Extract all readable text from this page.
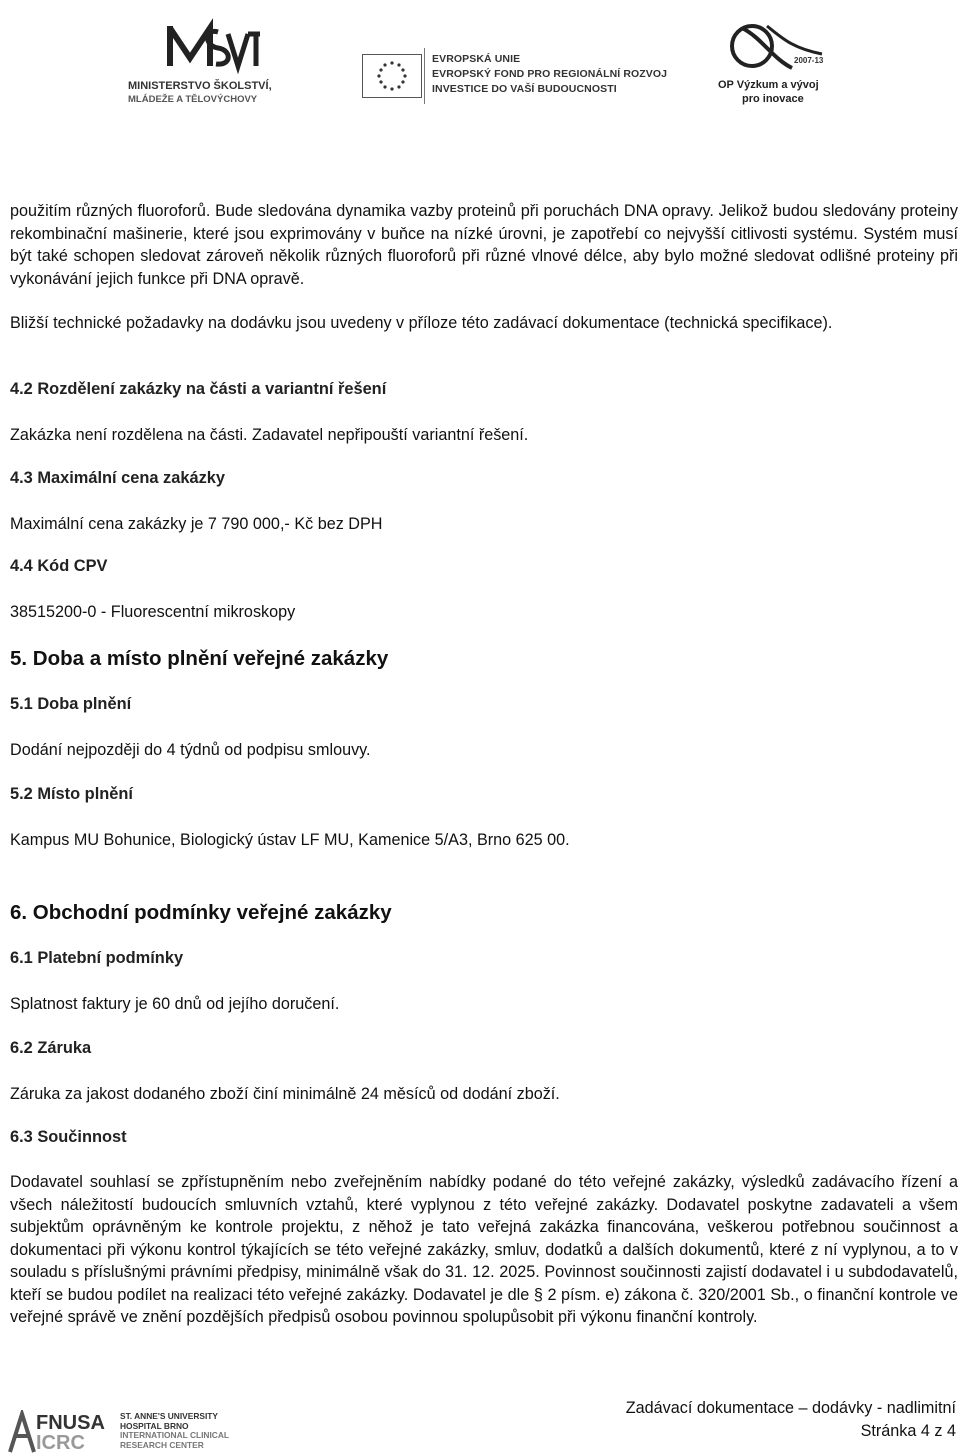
MINISTERSTVO ŠKOLSTVÍ,
MLÁDEŽE A TĚLOVÝCHOVY
EVROPSKÁ UNIE
EVROPSKÝ FOND PRO REGIONÁLNÍ ROZVOJ
INVESTICE DO VAŠÍ BUDOUCNOSTI
2007-13
OP Výzkum a vývoj
pro inovace
použitím různých fluoroforů. Bude sledována dynamika vazby proteinů při poruchách DNA opravy. Jelikož budou sledovány proteiny rekombinační mašinerie, které jsou exprimovány v buňce na nízké úrovni, je zapotřebí co nejvyšší citlivosti systému. Systém musí být také schopen sledovat zároveň několik různých fluoroforů při různé vlnové délce, aby bylo možné sledovat odlišné proteiny při vykonávání jejich funkce při DNA opravě.
Bližší technické požadavky na dodávku jsou uvedeny v příloze této zadávací dokumentace (technická specifikace).
4.2 Rozdělení zakázky na části a variantní řešení
Zakázka není rozdělena na části. Zadavatel nepřipouští variantní řešení.
4.3 Maximální cena zakázky
Maximální cena zakázky je 7 790 000,- Kč bez DPH
4.4 Kód CPV
38515200-0 - Fluorescentní mikroskopy
5. Doba a místo plnění veřejné zakázky
5.1 Doba plnění
Dodání nejpozději do 4 týdnů od podpisu smlouvy.
5.2 Místo plnění
Kampus MU Bohunice, Biologický ústav LF MU, Kamenice 5/A3, Brno 625 00.
6. Obchodní podmínky veřejné zakázky
6.1 Platební podmínky
Splatnost faktury je 60 dnů od jejího doručení.
6.2 Záruka
Záruka za jakost dodaného zboží činí minimálně 24 měsíců od dodání zboží.
6.3 Součinnost
Dodavatel souhlasí se zpřístupněním nebo zveřejněním nabídky podané do této veřejné zakázky, výsledků zadávacího řízení a všech náležitostí budoucích smluvních vztahů, které vyplynou z této veřejné zakázky. Dodavatel poskytne zadavateli a všem subjektům oprávněným ke kontrole projektu, z něhož je tato veřejná zakázka financována, veškerou potřebnou součinnost a dokumentaci při výkonu kontrol týkajících se této veřejné zakázky, smluv, dodatků a dalších dokumentů, které z ní vyplynou, a to v souladu s příslušnými právními předpisy, minimálně však do 31. 12. 2025. Povinnost součinnosti zajistí dodavatel i u subdodavatelů, kteří se budou podílet na realizaci této veřejné zakázky. Dodavatel je dle § 2 písm. e) zákona č. 320/2001 Sb., o finanční kontrole ve veřejné správě ve znění pozdějších předpisů osobou povinnou spolupůsobit při výkonu finanční kontroly.
FNUSA
ICRC
ST. ANNE'S UNIVERSITY
HOSPITAL BRNO
INTERNATIONAL CLINICAL
RESEARCH CENTER
Zadávací dokumentace – dodávky - nadlimitní
Stránka 4 z 4
